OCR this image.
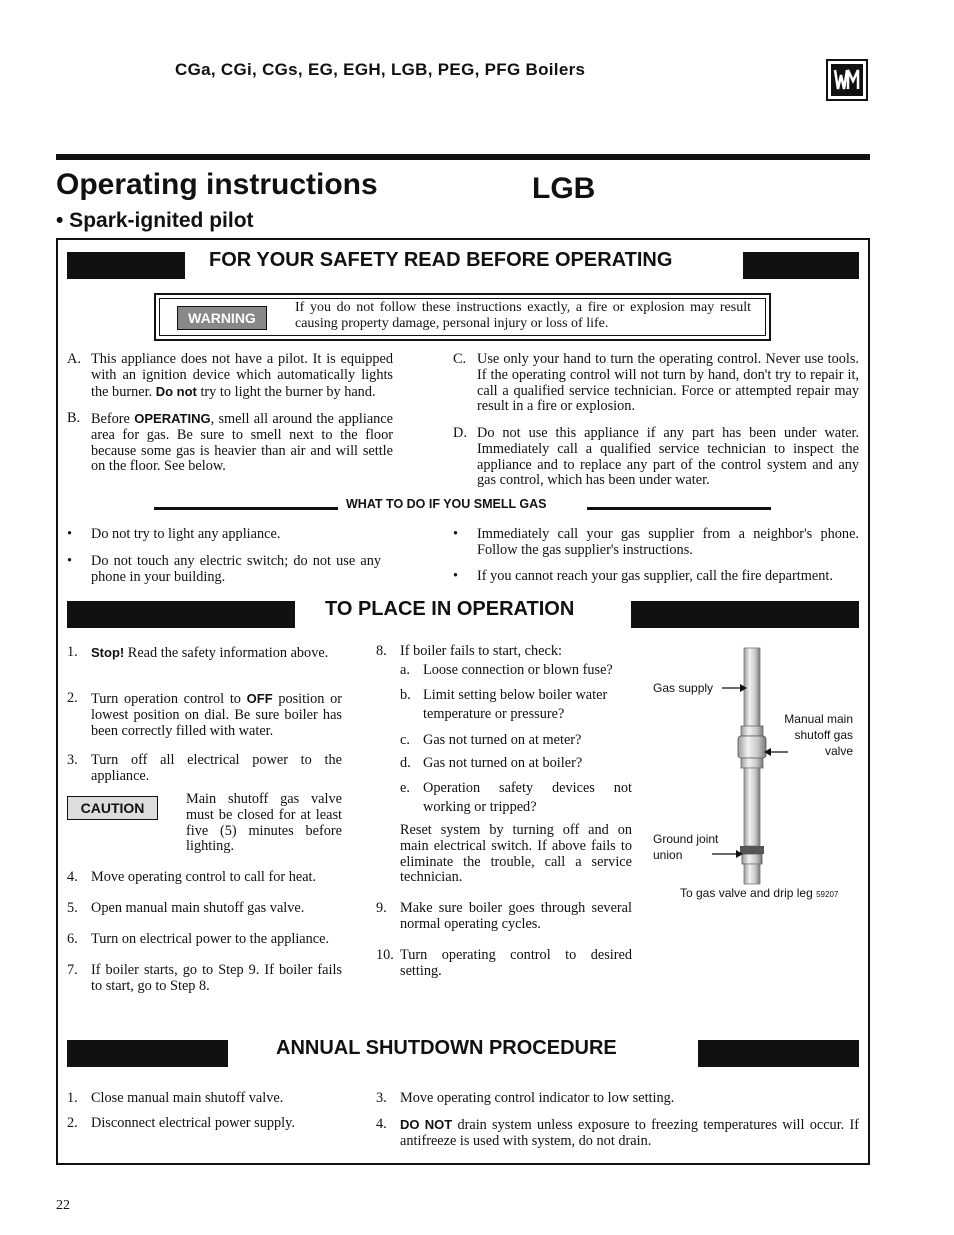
CGa, CGi, CGs, EG, EGH, LGB, PEG, PFG Boilers
Operating instructions	LGB
• Spark-ignited pilot
FOR YOUR SAFETY READ BEFORE OPERATING
WARNING
If you do not follow these instructions exactly, a fire or explosion may result causing property damage, personal injury or loss of life.
A. This appliance does not have a pilot. It is equipped with an ignition device which automatically lights the burner. Do not try to light the burner by hand.
B. Before OPERATING, smell all around the appliance area for gas. Be sure to smell next to the floor because some gas is heavier than air and will settle on the floor. See below.
C. Use only your hand to turn the operating control. Never use tools. If the operating control will not turn by hand, don't try to repair it, call a qualified service technician. Force or attempted repair may result in a fire or explosion.
D. Do not use this appliance if any part has been under water. Immediately call a qualified service technician to inspect the appliance and to replace any part of the control system and any gas control, which has been under water.
WHAT TO DO IF YOU SMELL GAS
• Do not try to light any appliance.
• Do not touch any electric switch; do not use any phone in your building.
• Immediately call your gas supplier from a neighbor's phone. Follow the gas supplier's instructions.
• If you cannot reach your gas supplier, call the fire department.
TO PLACE IN OPERATION
1. Stop! Read the safety information above.
2. Turn operation control to OFF position or lowest position on dial. Be sure boiler has been correctly filled with water.
3. Turn off all electrical power to the appliance.
CAUTION
Main shutoff gas valve must be closed for at least five (5) minutes before lighting.
4. Move operating control to call for heat.
5. Open manual main shutoff gas valve.
6. Turn on electrical power to the appliance.
7. If boiler starts, go to Step 9. If boiler fails to start, go to Step 8.
8. If boiler fails to start, check:
a. Loose connection or blown fuse?
b. Limit setting below boiler water temperature or pressure?
c. Gas not turned on at meter?
d. Gas not turned on at boiler?
e. Operation safety devices not working or tripped?
Reset system by turning off and on main electrical switch. If above fails to eliminate the trouble, call a service technician.
9. Make sure boiler goes through several normal operating cycles.
10. Turn operating control to desired setting.
Gas supply
Manual main shutoff gas valve
Ground joint union
To gas valve and drip leg 59207
ANNUAL SHUTDOWN PROCEDURE
1. Close manual main shutoff valve.
2. Disconnect electrical power supply.
3. Move operating control indicator to low setting.
4. DO NOT drain system unless exposure to freezing temperatures will occur. If antifreeze is used with system, do not drain.
22
